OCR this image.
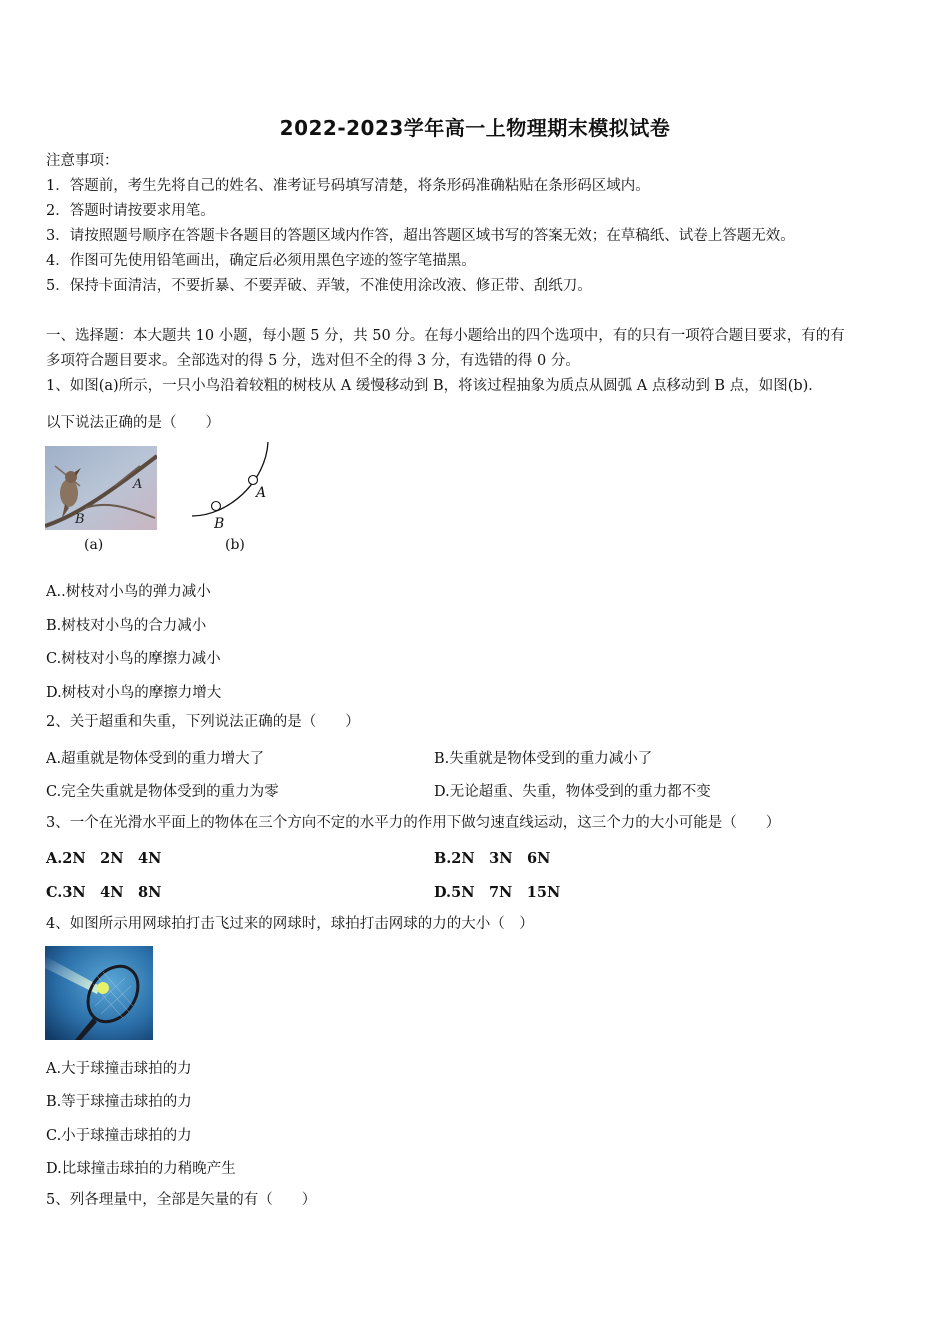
2022-2023学年高一上物理期末模拟试卷
注意事项：
1．答题前，考生先将自己的姓名、准考证号码填写清楚，将条形码准确粘贴在条形码区域内。
2．答题时请按要求用笔。
3．请按照题号顺序在答题卡各题目的答题区域内作答，超出答题区域书写的答案无效；在草稿纸、试卷上答题无效。
4．作图可先使用铅笔画出，确定后必须用黑色字迹的签字笔描黑。
5．保持卡面清洁，不要折暴、不要弄破、弄皱，不准使用涂改液、修正带、刮纸刀。
一、选择题：本大题共 10 小题，每小题 5 分，共 50 分。在每小题给出的四个选项中，有的只有一项符合题目要求，有的有
多项符合题目要求。全部选对的得 5 分，选对但不全的得 3 分，有选错的得 0 分。
1、如图(a)所示，一只小鸟沿着较粗的树枝从 A 缓慢移动到 B，将该过程抽象为质点从圆弧 A 点移动到 B 点，如图(b)．
以下说法正确的是（　　）
A
B
(a)
A
B
(b)
A..树枝对小鸟的弹力减小
B.树枝对小鸟的合力减小
C.树枝对小鸟的摩擦力减小
D.树枝对小鸟的摩擦力增大
2、关于超重和失重，下列说法正确的是（　　）
A.超重就是物体受到的重力增大了	B.失重就是物体受到的重力减小了
C.完全失重就是物体受到的重力为零	D.无论超重、失重，物体受到的重力都不变
3、一个在光滑水平面上的物体在三个方向不定的水平力的作用下做匀速直线运动，这三个力的大小可能是（　　）
A.2N　2N　4N	B.2N　3N　6N
C.3N　4N　8N	D.5N　7N　15N
4、如图所示用网球拍打击飞过来的网球时，球拍打击网球的力的大小（　）
A.大于球撞击球拍的力
B.等于球撞击球拍的力
C.小于球撞击球拍的力
D.比球撞击球拍的力稍晚产生
5、列各理量中，全部是矢量的有（　　）
